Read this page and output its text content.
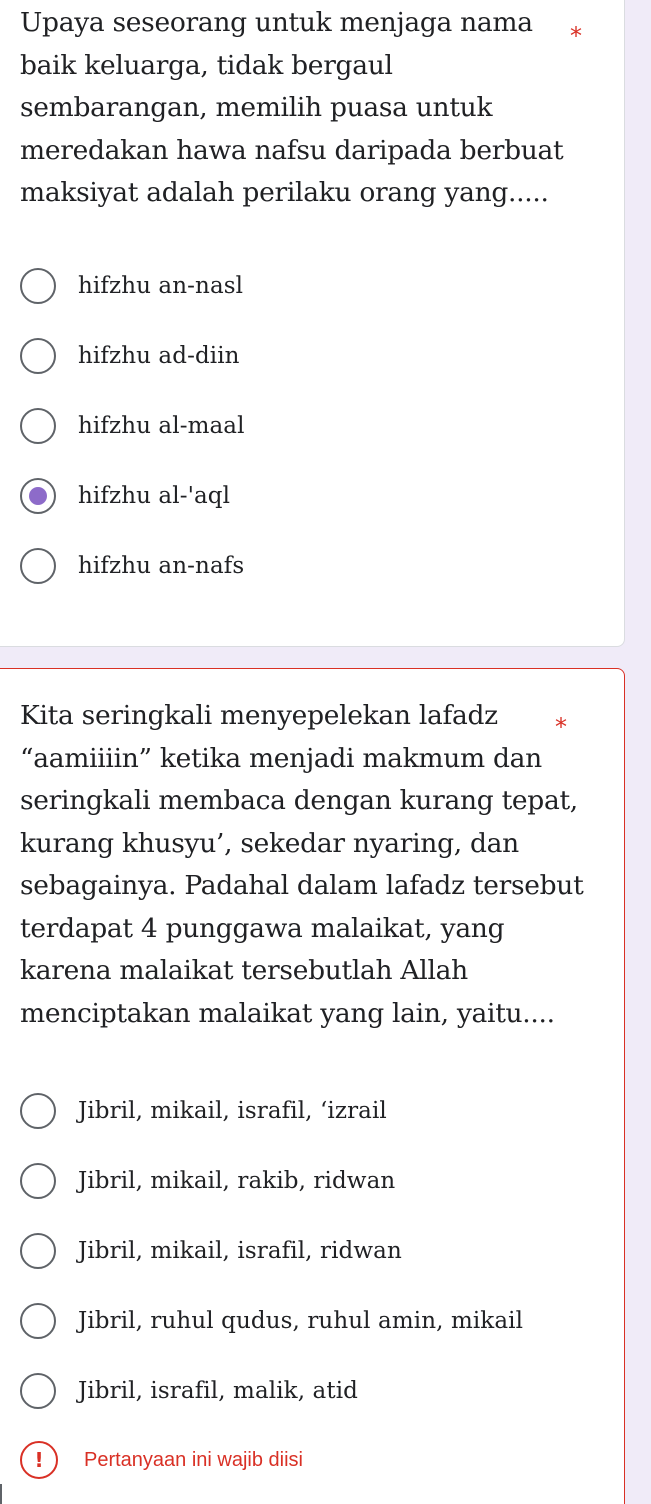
Upaya seseorang untuk menjaga nama baik keluarga, tidak bergaul sembarangan, memilih puasa untuk meredakan hawa nafsu daripada berbuat maksiyat adalah perilaku orang yang.....
*
hifzhu an-nasl
hifzhu ad-diin
hifzhu al-maal
hifzhu al-'aql
hifzhu an-nafs
Kita seringkali menyepelekan lafadz “aamiiiin” ketika menjadi makmum dan seringkali membaca dengan kurang tepat, kurang khusyu’, sekedar nyaring, dan sebagainya. Padahal dalam lafadz tersebut terdapat 4 punggawa malaikat, yang karena malaikat tersebutlah Allah menciptakan malaikat yang lain, yaitu....
*
Jibril, mikail, israfil, ‘izrail
Jibril, mikail, rakib, ridwan
Jibril, mikail, israfil, ridwan
Jibril, ruhul qudus, ruhul amin, mikail
Jibril, israfil, malik, atid
!	Pertanyaan ini wajib diisi
